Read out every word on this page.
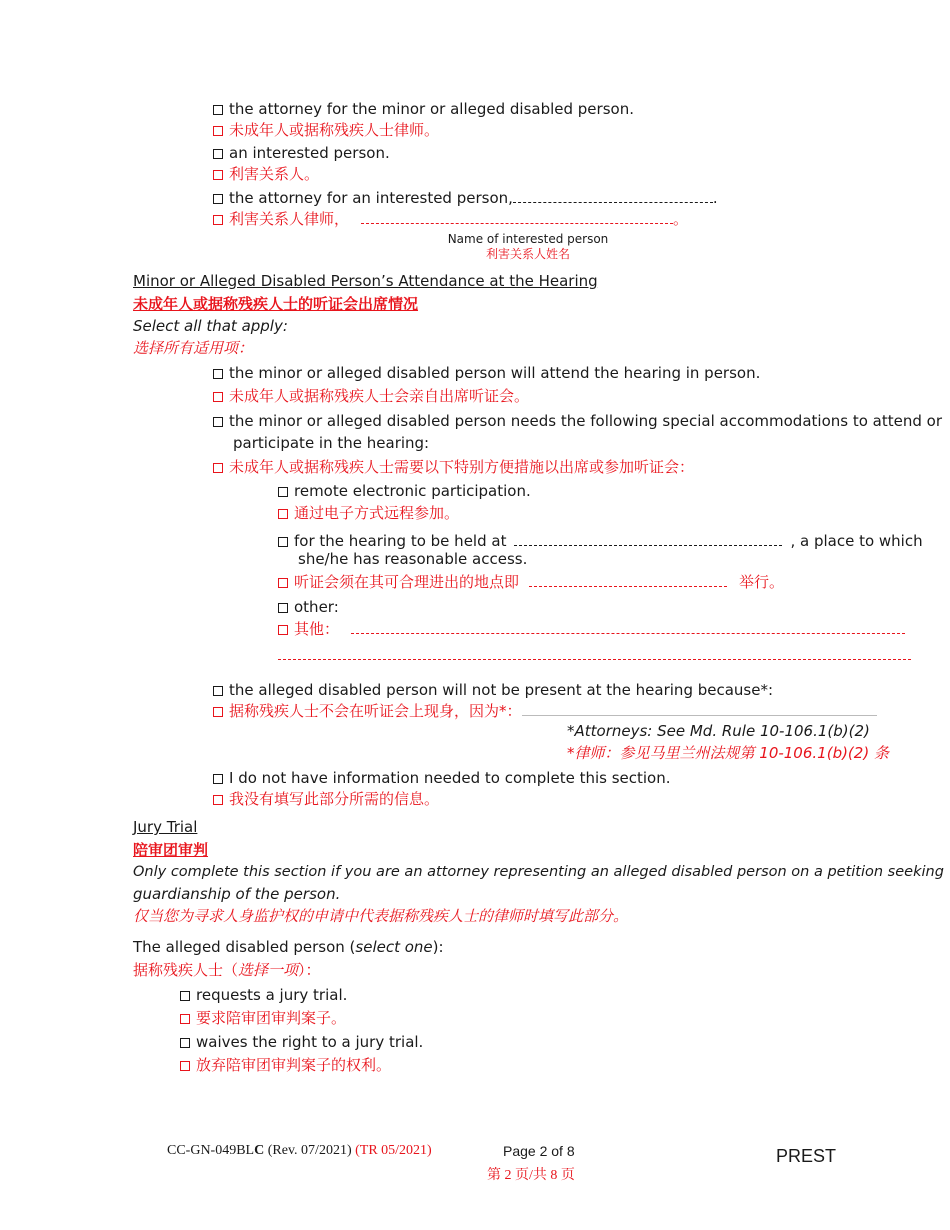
the attorney for the minor or alleged disabled person.
未成年人或据称残疾人士律师。
an interested person.
利害关系人。
the attorney for an interested person,	.
利害关系人律师，	。
Name of interested person
利害关系人姓名
Minor or Alleged Disabled Person’s Attendance at the Hearing
未成年人或据称残疾人士的听证会出席情况
Select all that apply:
选择所有适用项：
the minor or alleged disabled person will attend the hearing in person.
未成年人或据称残疾人士会亲自出席听证会。
the minor or alleged disabled person needs the following special accommodations to attend or
participate in the hearing:
未成年人或据称残疾人士需要以下特别方便措施以出席或参加听证会：
remote electronic participation.
通过电子方式远程参加。
for the hearing to be held at	, a place to which
she/he has reasonable access.
听证会须在其可合理进出的地点即	举行。
other:
其他：
the alleged disabled person will not be present at the hearing because*:
据称残疾人士不会在听证会上现身，因为*：
*Attorneys: See Md. Rule 10-106.1(b)(2)
*律师：参见马里兰州法规第 10-106.1(b)(2) 条
I do not have information needed to complete this section.
我没有填写此部分所需的信息。
Jury Trial
陪审团审判
Only complete this section if you are an attorney representing an alleged disabled person on a petition seeking
guardianship of the person.
仅当您为寻求人身监护权的申请中代表据称残疾人士的律师时填写此部分。
The alleged disabled person (select one):
据称残疾人士（选择一项）：
requests a jury trial.
要求陪审团审判案子。
waives the right to a jury trial.
放弃陪审团审判案子的权利。
CC-GN-049BLC (Rev. 07/2021) (TR 05/2021)	Page 2 of 8
第 2 页/共 8 页
PREST
